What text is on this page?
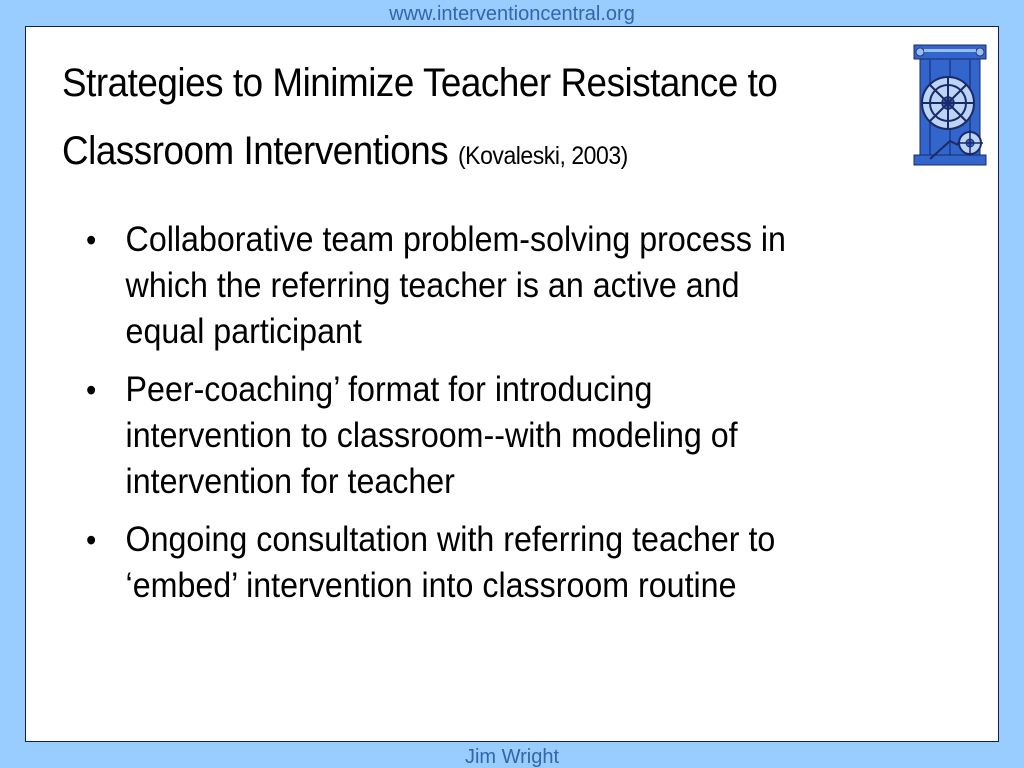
www.interventioncentral.org
Strategies to Minimize Teacher Resistance to Classroom Interventions (Kovaleski, 2003)
• Collaborative team problem-solving process in which the referring teacher is an active and equal participant
• Peer-coaching’ format for introducing intervention to classroom--with modeling of intervention for teacher
• Ongoing consultation with referring teacher to ‘embed’ intervention into classroom routine
Jim Wright
